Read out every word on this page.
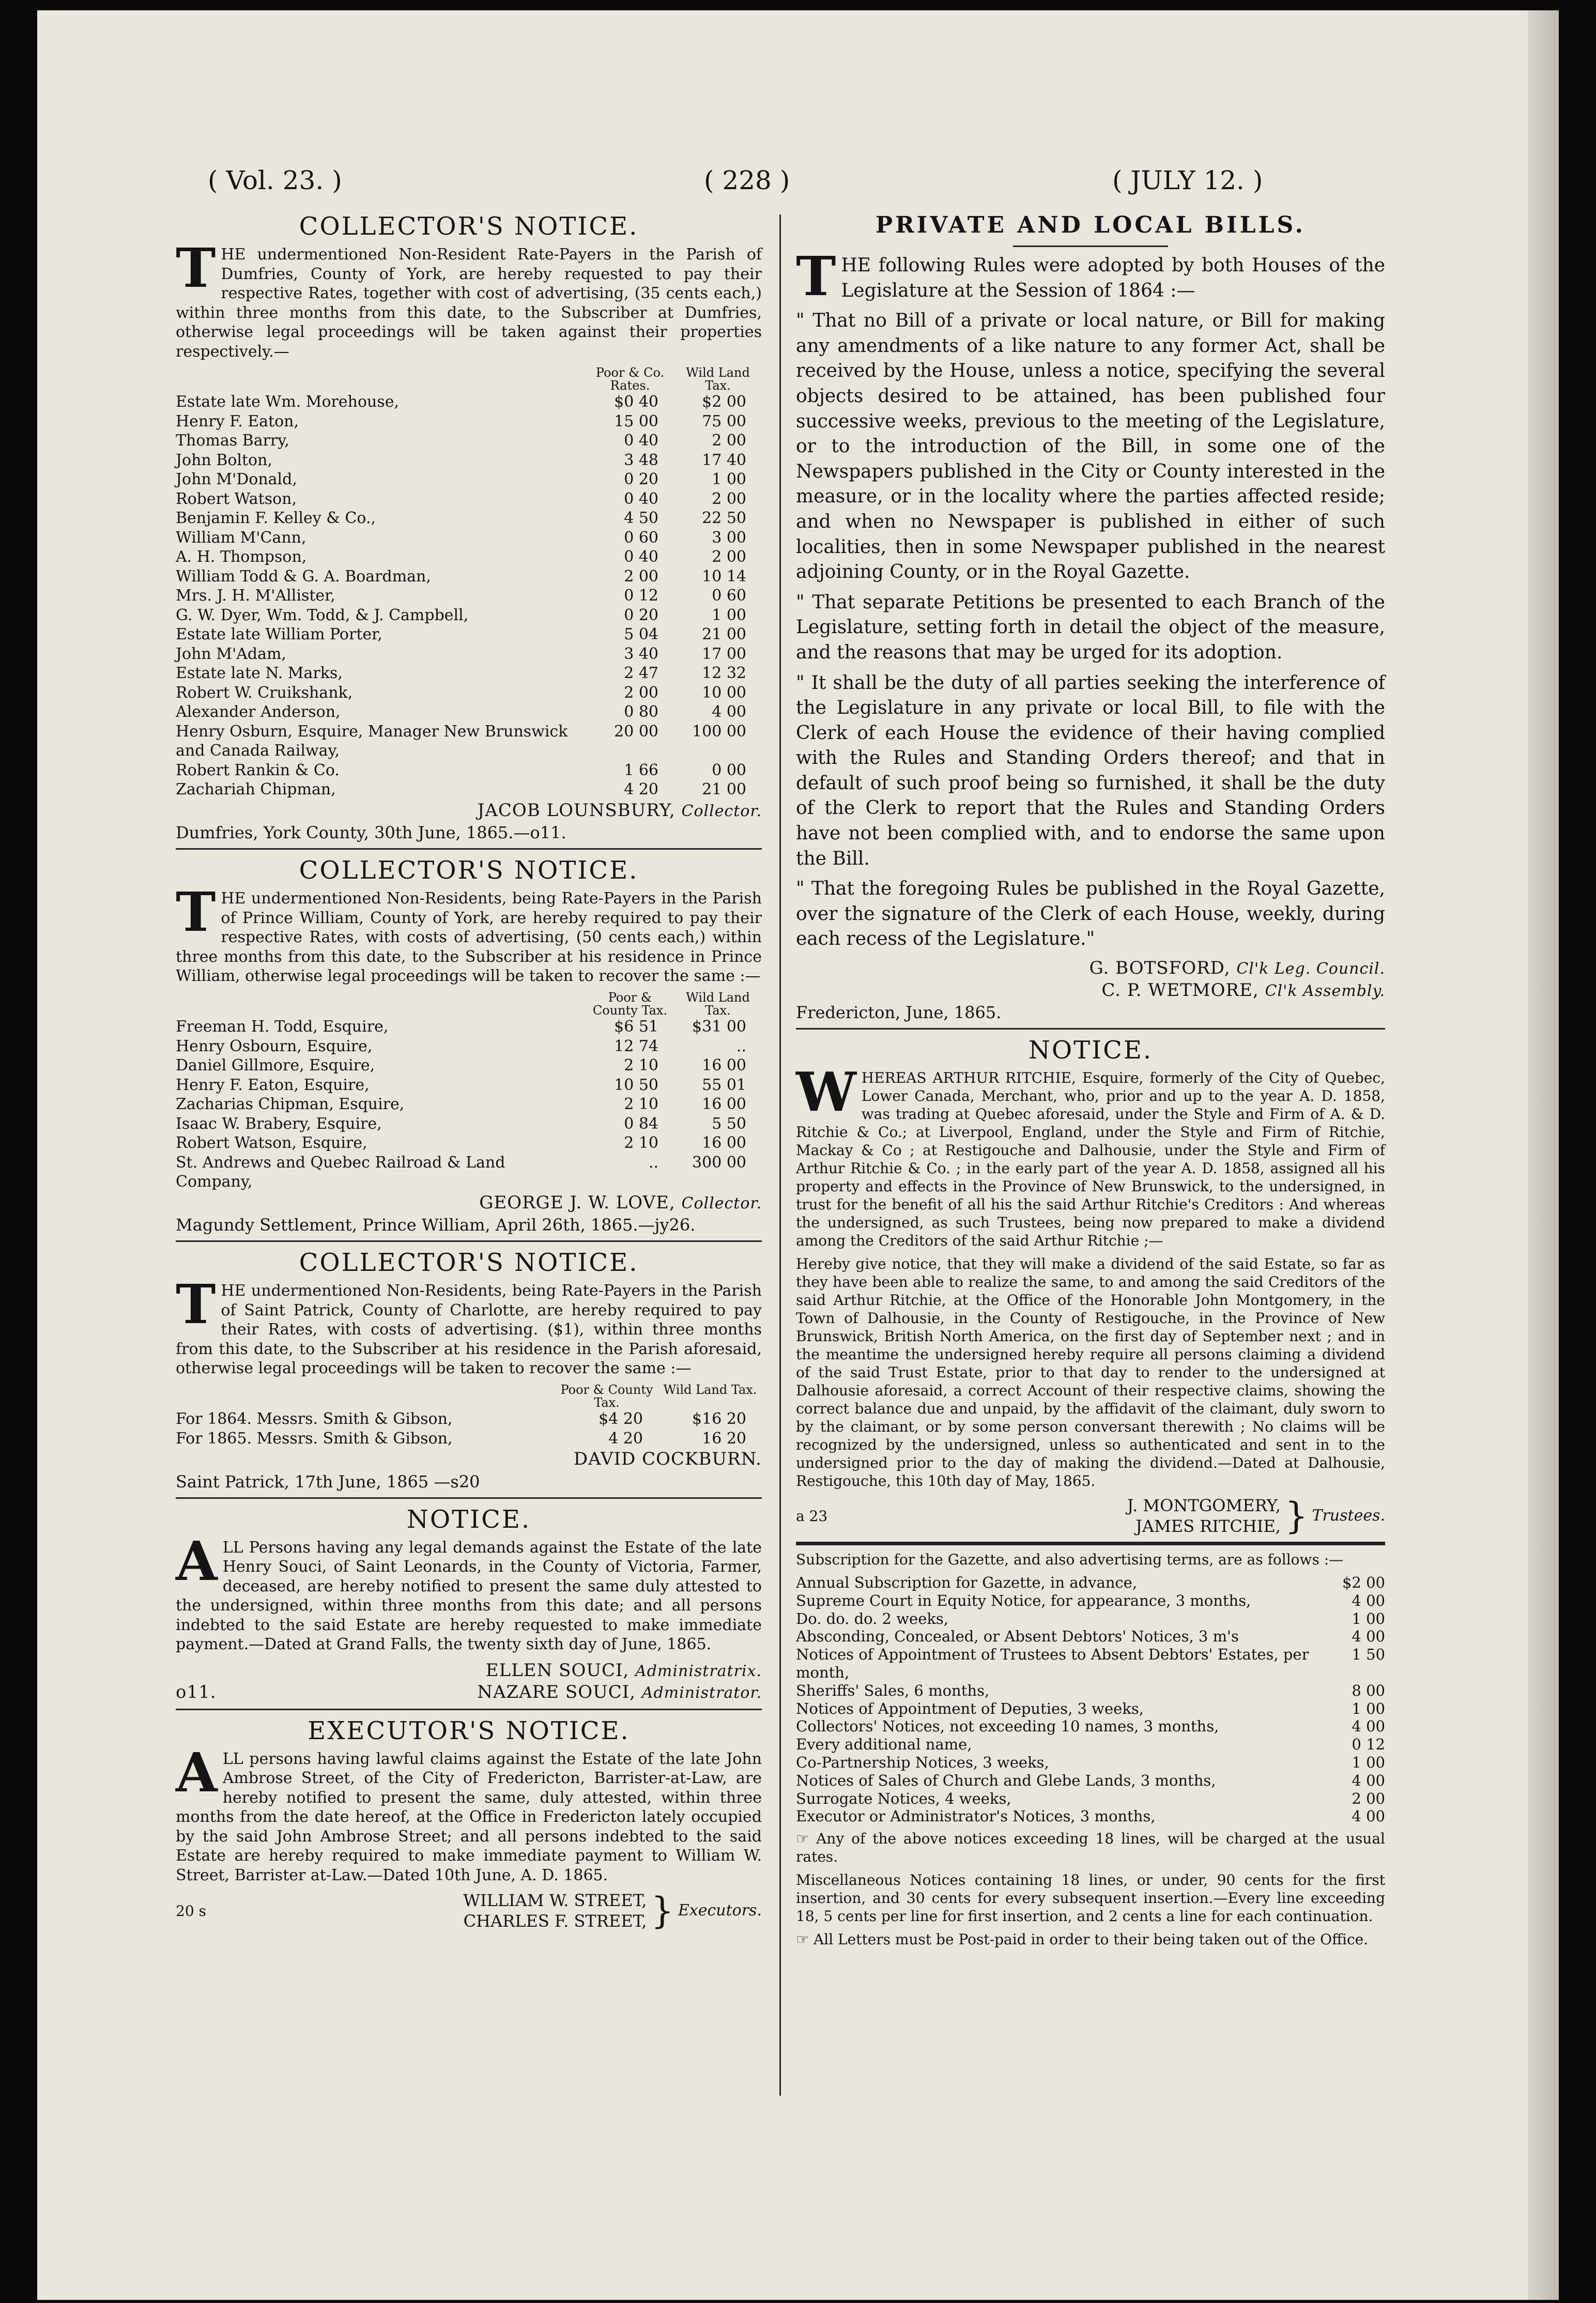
( Vol. 23. )	( 228 )	( JULY 12. )
COLLECTOR'S NOTICE.

THE undermentioned Non-Resident Rate-Payers in the Parish of Dumfries, County of York, are hereby requested to pay their respective Rates, together with cost of advertising, (35 cents each,) within three months from this date, to the Subscriber at Dumfries, otherwise legal proceedings will be taken against their properties respectively.—

	Poor & Co. Rates.	Wild Land Tax.
Estate late Wm. Morehouse,	$0 40	$2 00
Henry F. Eaton,	15 00	75 00
Thomas Barry,	0 40	2 00
John Bolton,	3 48	17 40
John M'Donald,	0 20	1 00
Robert Watson,	0 40	2 00
Benjamin F. Kelley & Co.,	4 50	22 50
William M'Cann,	0 60	3 00
A. H. Thompson,	0 40	2 00
William Todd & G. A. Boardman,	2 00	10 14
Mrs. J. H. M'Allister,	0 12	0 60
G. W. Dyer, Wm. Todd, & J. Campbell,	0 20	1 00
Estate late William Porter,	5 04	21 00
John M'Adam,	3 40	17 00
Estate late N. Marks,	2 47	12 32
Robert W. Cruikshank,	2 00	10 00
Alexander Anderson,	0 80	4 00
Henry Osburn, Esquire, Manager New Brunswick and Canada Railway,	20 00	100 00
Robert Rankin & Co.	1 66	0 00
Zachariah Chipman,	4 20	21 00
JACOB LOUNSBURY, Collector.
Dumfries, York County, 30th June, 1865.—o11.
COLLECTOR'S NOTICE.

THE undermentioned Non-Residents, being Rate-Payers in the Parish of Prince William, County of York, are hereby required to pay their respective Rates, with costs of advertising, (50 cents each,) within three months from this date, to the Subscriber at his residence in Prince William, otherwise legal proceedings will be taken to recover the same :—

	Poor & County Tax.	Wild Land Tax.
Freeman H. Todd, Esquire,	$6 51	$31 00
Henry Osbourn, Esquire,	12 74	..
Daniel Gillmore, Esquire,	2 10	16 00
Henry F. Eaton, Esquire,	10 50	55 01
Zacharias Chipman, Esquire,	2 10	16 00
Isaac W. Brabery, Esquire,	0 84	5 50
Robert Watson, Esquire,	2 10	16 00
St. Andrews and Quebec Railroad & Land Company,	..	300 00
GEORGE J. W. LOVE, Collector.
Magundy Settlement, Prince William, April 26th, 1865.—jy26.
COLLECTOR'S NOTICE.

THE undermentioned Non-Residents, being Rate-Payers in the Parish of Saint Patrick, County of Charlotte, are hereby required to pay their Rates, with costs of advertising. ($1), within three months from this date, to the Subscriber at his residence in the Parish aforesaid, otherwise legal proceedings will be taken to recover the same :—

	Poor & County Tax.	Wild Land Tax.
For 1864. Messrs. Smith & Gibson,	$4 20	$16 20
For 1865. Messrs. Smith & Gibson,	4 20	16 20
DAVID COCKBURN.
Saint Patrick, 17th June, 1865 —s20
NOTICE.

ALL Persons having any legal demands against the Estate of the late Henry Souci, of Saint Leonards, in the County of Victoria, Farmer, deceased, are hereby notified to present the same duly attested to the undersigned, within three months from this date; and all persons indebted to the said Estate are hereby requested to make immediate payment.—Dated at Grand Falls, the twenty sixth day of June, 1865.

ELLEN SOUCI, Administratrix.
o11.	NAZARE SOUCI, Administrator.
EXECUTOR'S NOTICE.

ALL persons having lawful claims against the Estate of the late John Ambrose Street, of the City of Fredericton, Barrister-at-Law, are hereby notified to present the same, duly attested, within three months from the date hereof, at the Office in Fredericton lately occupied by the said John Ambrose Street; and all persons indebted to the said Estate are hereby required to make immediate payment to William W. Street, Barrister at-Law.—Dated 10th June, A. D. 1865.

20 s
WILLIAM W. STREET,
CHARLES F. STREET, } Executors.
PRIVATE AND LOCAL BILLS.

THE following Rules were adopted by both Houses of the Legislature at the Session of 1864 :—

" That no Bill of a private or local nature, or Bill for making any amendments of a like nature to any former Act, shall be received by the House, unless a notice, specifying the several objects desired to be attained, has been published four successive weeks, previous to the meeting of the Legislature, or to the introduction of the Bill, in some one of the Newspapers published in the City or County interested in the measure, or in the locality where the parties affected reside; and when no Newspaper is published in either of such localities, then in some Newspaper published in the nearest adjoining County, or in the Royal Gazette.

" That separate Petitions be presented to each Branch of the Legislature, setting forth in detail the object of the measure, and the reasons that may be urged for its adoption.

" It shall be the duty of all parties seeking the interference of the Legislature in any private or local Bill, to file with the Clerk of each House the evidence of their having complied with the Rules and Standing Orders thereof; and that in default of such proof being so furnished, it shall be the duty of the Clerk to report that the Rules and Standing Orders have not been complied with, and to endorse the same upon the Bill.

" That the foregoing Rules be published in the Royal Gazette, over the signature of the Clerk of each House, weekly, during each recess of the Legislature."

G. BOTSFORD, Cl'k Leg. Council.
C. P. WETMORE, Cl'k Assembly.
Fredericton, June, 1865.
NOTICE.

WHEREAS ARTHUR RITCHIE, Esquire, formerly of the City of Quebec, Lower Canada, Merchant, who, prior and up to the year A. D. 1858, was trading at Quebec aforesaid, under the Style and Firm of A. & D. Ritchie & Co.; at Liverpool, England, under the Style and Firm of Ritchie, Mackay & Co ; at Restigouche and Dalhousie, under the Style and Firm of Arthur Ritchie & Co. ; in the early part of the year A. D. 1858, assigned all his property and effects in the Province of New Brunswick, to the undersigned, in trust for the benefit of all his the said Arthur Ritchie's Creditors : And whereas the undersigned, as such Trustees, being now prepared to make a dividend among the Creditors of the said Arthur Ritchie ;—

Hereby give notice, that they will make a dividend of the said Estate, so far as they have been able to realize the same, to and among the said Creditors of the said Arthur Ritchie, at the Office of the Honorable John Montgomery, in the Town of Dalhousie, in the County of Restigouche, in the Province of New Brunswick, British North America, on the first day of September next ; and in the meantime the undersigned hereby require all persons claiming a dividend of the said Trust Estate, prior to that day to render to the undersigned at Dalhousie aforesaid, a correct Account of their respective claims, showing the correct balance due and unpaid, by the affidavit of the claimant, duly sworn to by the claimant, or by some person conversant therewith ; No claims will be recognized by the undersigned, unless so authenticated and sent in to the undersigned prior to the day of making the dividend.—Dated at Dalhousie, Restigouche, this 10th day of May, 1865.

a 23
J. MONTGOMERY,
JAMES RITCHIE, } Trustees.

Subscription for the Gazette, and also advertising terms, are as follows :—

Annual Subscription for Gazette, in advance,	$2 00
Supreme Court in Equity Notice, for appearance, 3 months,	4 00
Do. do. do. 2 weeks,	1 00
Absconding, Concealed, or Absent Debtors' Notices, 3 m's	4 00
Notices of Appointment of Trustees to Absent Debtors' Estates, per month,	1 50
Sheriffs' Sales, 6 months,	8 00
Notices of Appointment of Deputies, 3 weeks,	1 00
Collectors' Notices, not exceeding 10 names, 3 months,	4 00
Every additional name,	0 12
Co-Partnership Notices, 3 weeks,	1 00
Notices of Sales of Church and Glebe Lands, 3 months,	4 00
Surrogate Notices, 4 weeks,	2 00
Executor or Administrator's Notices, 3 months,	4 00

☞ Any of the above notices exceeding 18 lines, will be charged at the usual rates.

Miscellaneous Notices containing 18 lines, or under, 90 cents for the first insertion, and 30 cents for every subsequent insertion.—Every line exceeding 18, 5 cents per line for first insertion, and 2 cents a line for each continuation.

☞ All Letters must be Post-paid in order to their being taken out of the Office.
